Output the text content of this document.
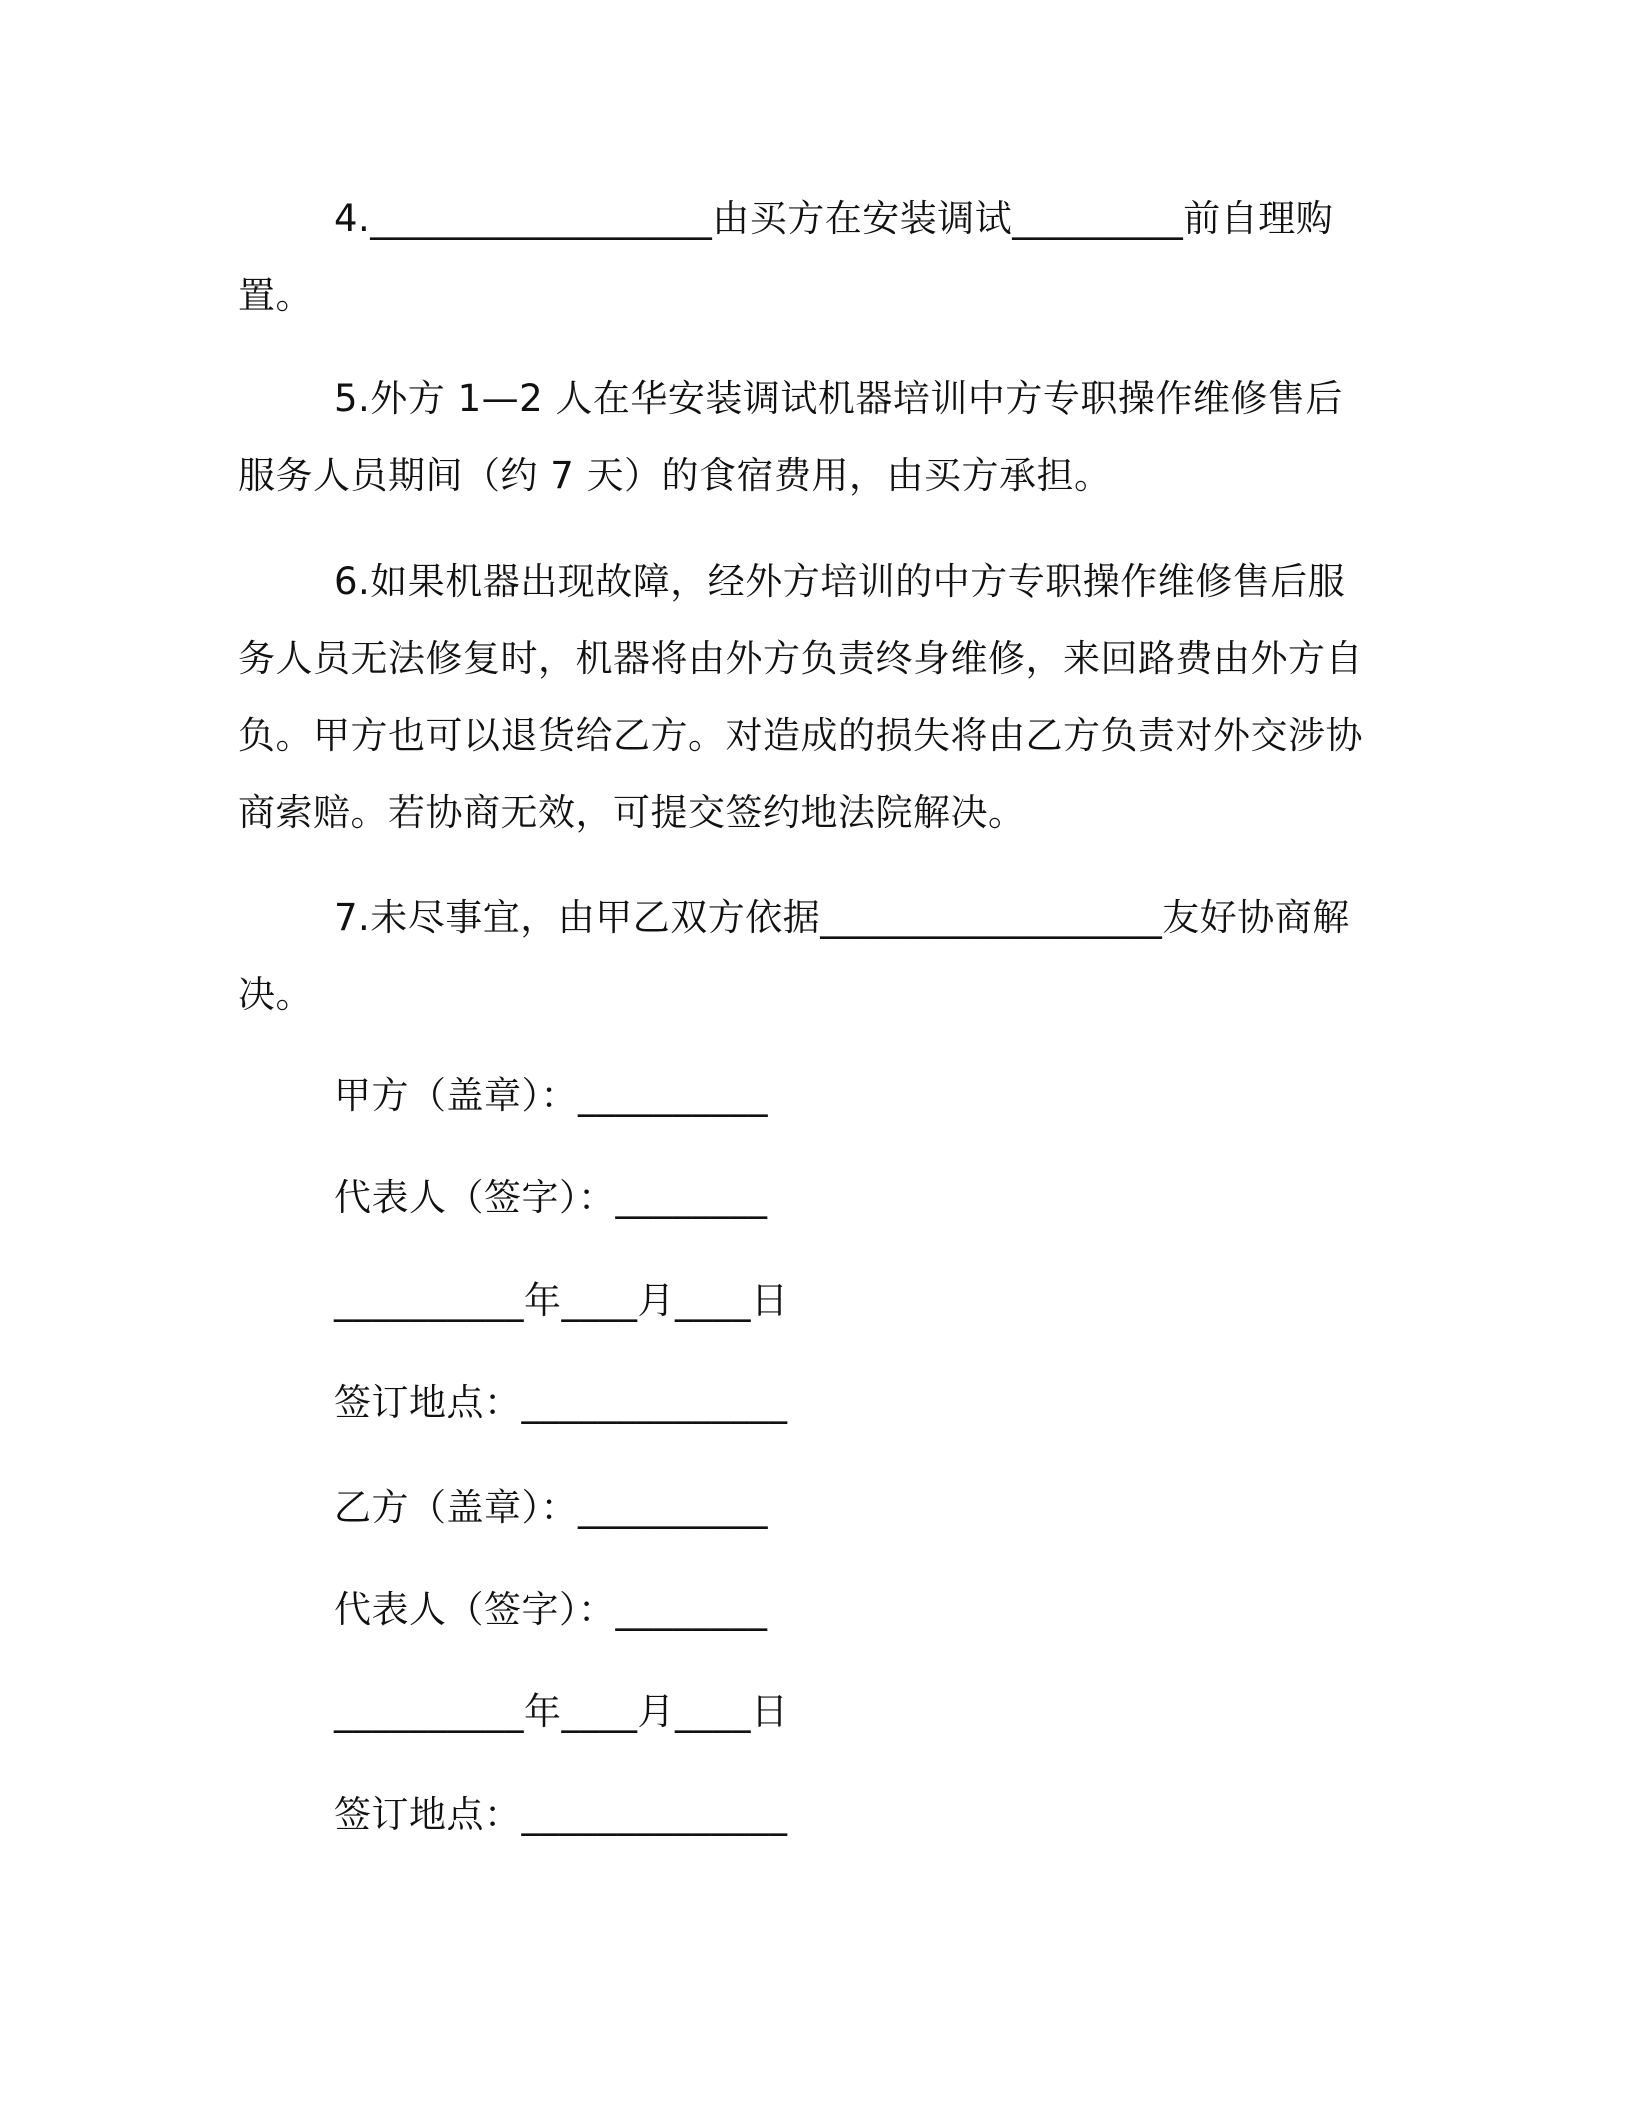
4.__________________由买方在安装调试_________前自理购置。

5.外方 1—2 人在华安装调试机器培训中方专职操作维修售后服务人员期间（约 7 天）的食宿费用，由买方承担。

6.如果机器出现故障，经外方培训的中方专职操作维修售后服务人员无法修复时，机器将由外方负责终身维修，来回路费由外方自负。甲方也可以退货给乙方。对造成的损失将由乙方负责对外交涉协商索赔。若协商无效，可提交签约地法院解决。

7.未尽事宜，由甲乙双方依据__________________友好协商解决。

甲方（盖章）：__________

代表人（签字）：________

__________年____月____日

签订地点：______________

乙方（盖章）：__________

代表人（签字）：________

__________年____月____日

签订地点：______________
